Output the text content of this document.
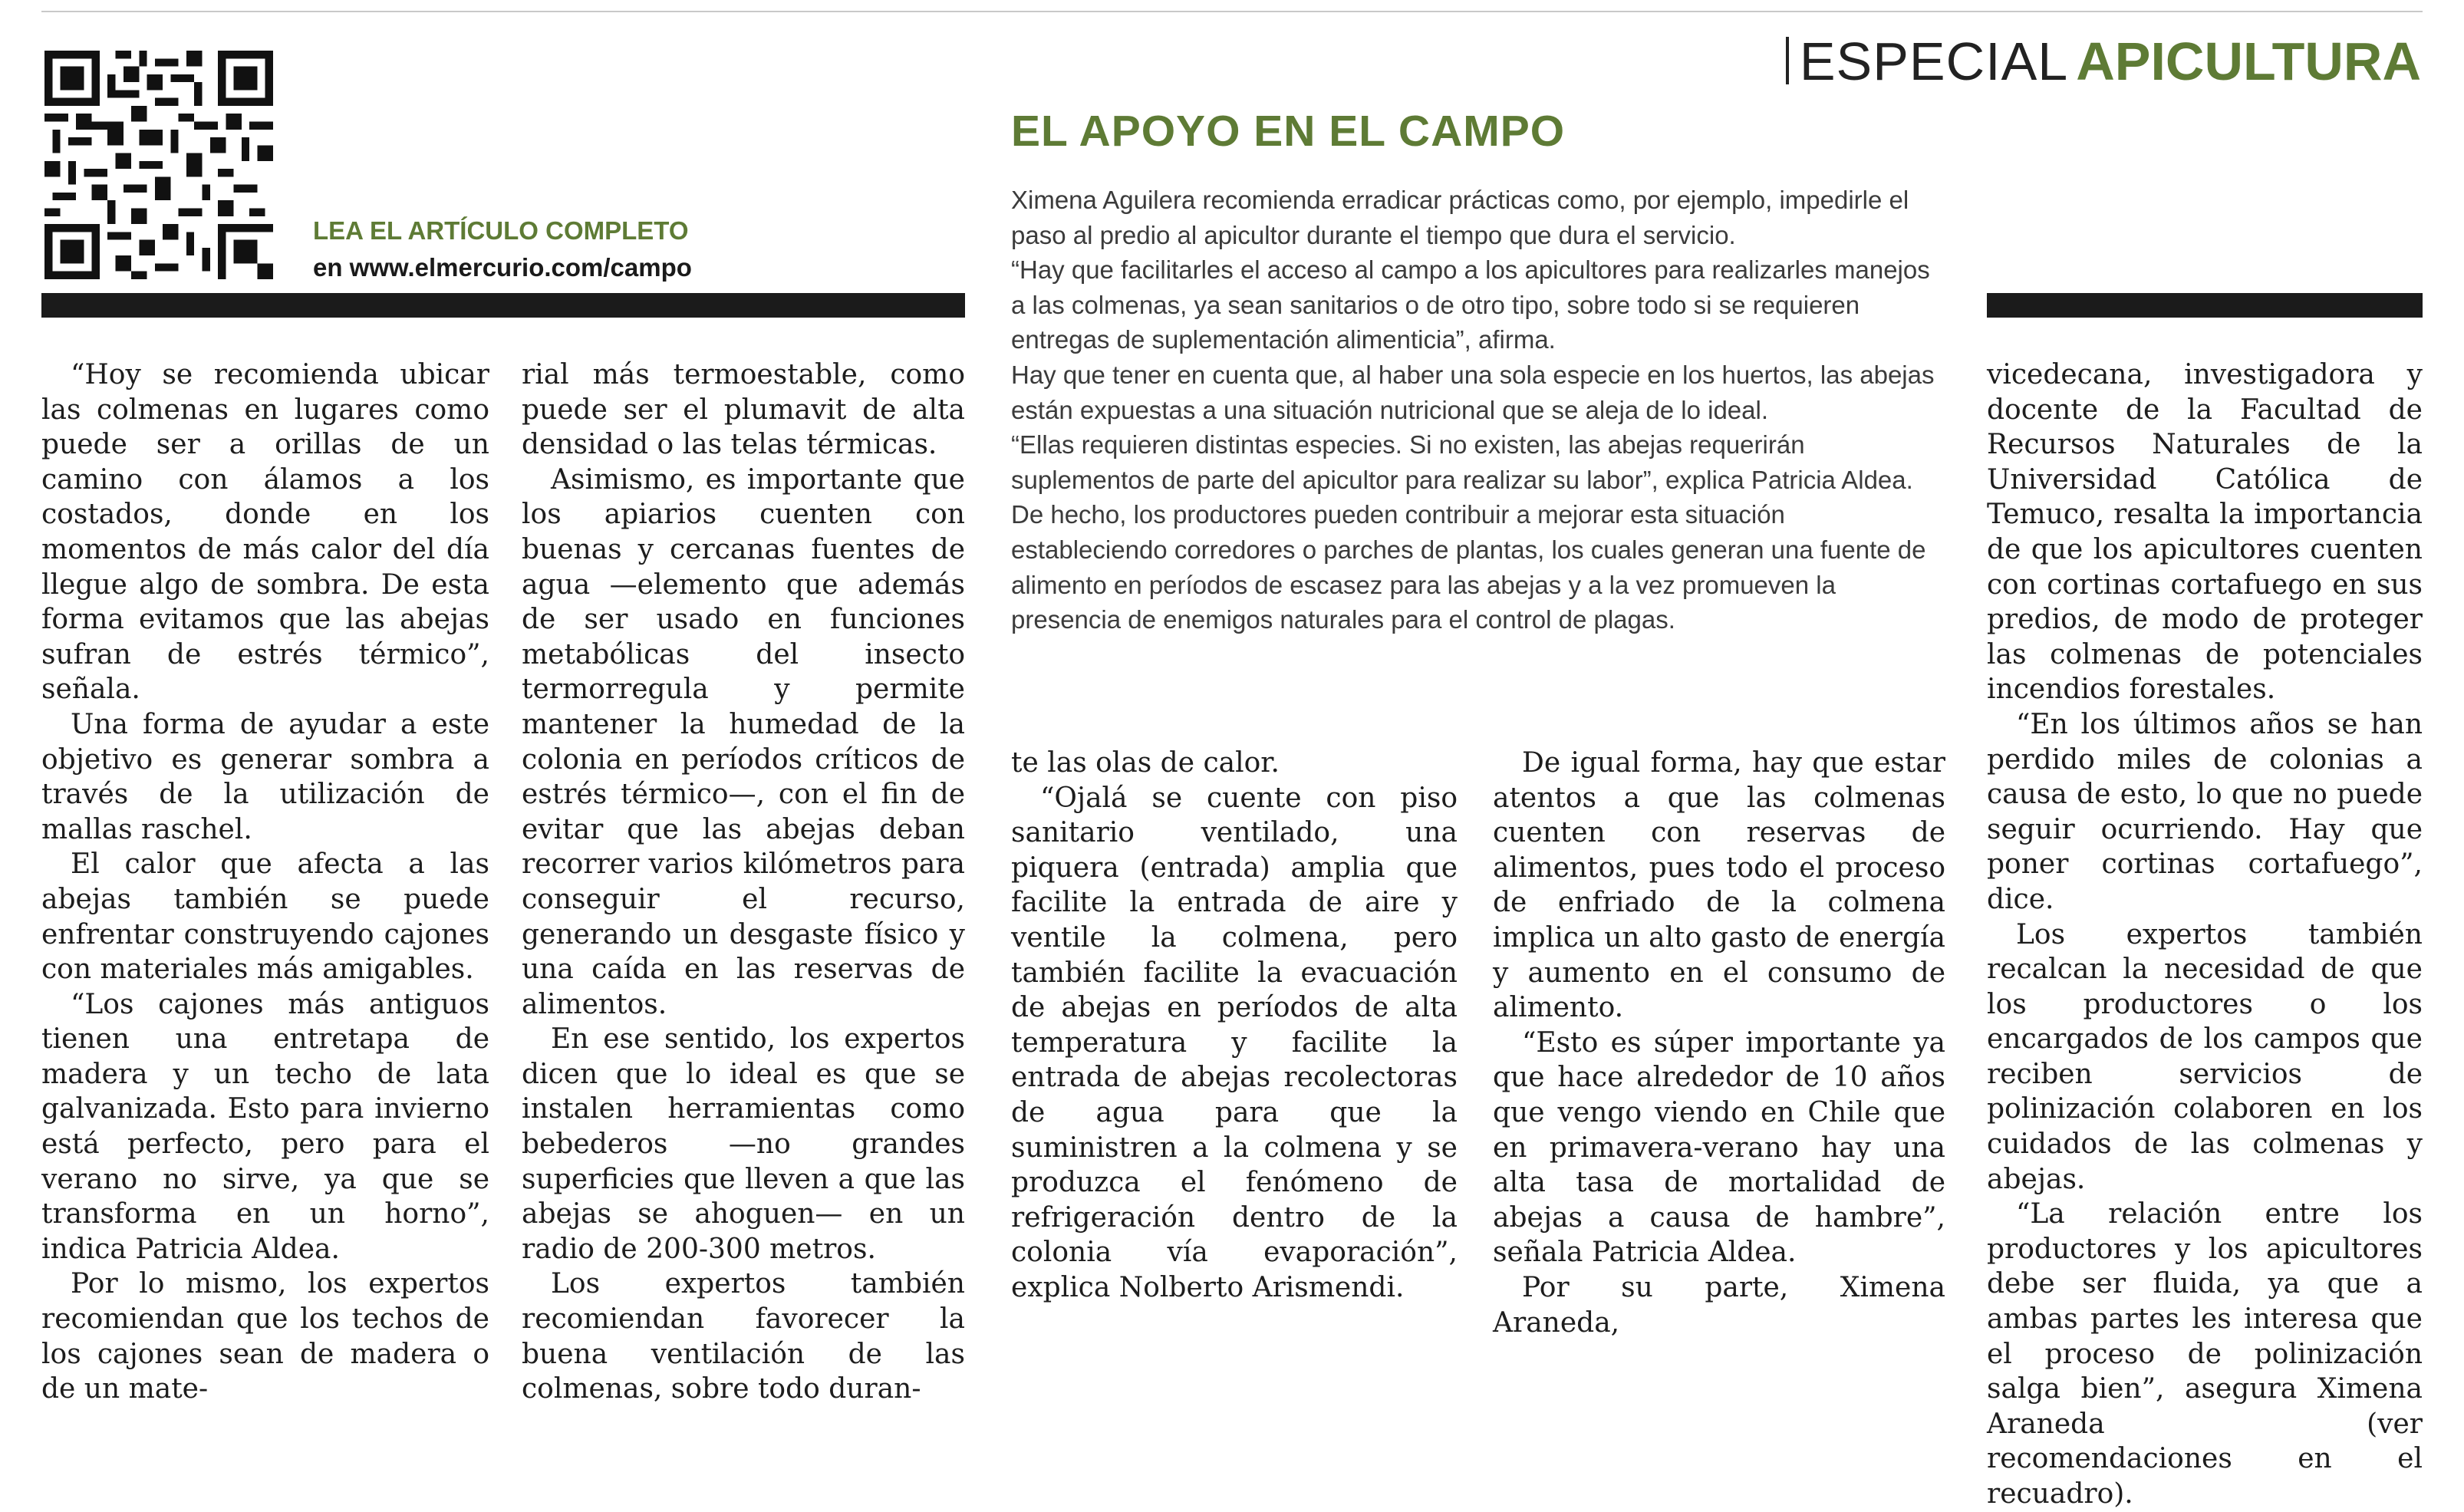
ESPECIAL APICULTURA
LEA EL ARTÍCULO COMPLETO
en www.elmercurio.com/campo
EL APOYO EN EL CAMPO

Ximena Aguilera recomienda erradicar prácticas como, por ejemplo, impedirle el paso al predio al apicultor durante el tiempo que dura el servicio.

“Hay que facilitarles el acceso al campo a los apicultores para realizarles manejos a las colmenas, ya sean sanitarios o de otro tipo, sobre todo si se requieren entregas de suplementación alimenticia”, afirma.

Hay que tener en cuenta que, al haber una sola especie en los huertos, las abejas están expuestas a una situación nutricional que se aleja de lo ideal.

“Ellas requieren distintas especies. Si no existen, las abejas requerirán suplementos de parte del apicultor para realizar su labor”, explica Patricia Aldea.

De hecho, los productores pueden contribuir a mejorar esta situación estableciendo corredores o parches de plantas, los cuales generan una fuente de alimento en períodos de escasez para las abejas y a la vez promueven la presencia de enemigos naturales para el control de plagas.

“Hoy se recomienda ubicar las colmenas en lugares como puede ser a orillas de un camino con álamos a los costados, donde en los momentos de más calor del día llegue algo de sombra. De esta forma evitamos que las abejas sufran de estrés térmico”, señala.

Una forma de ayudar a este objetivo es generar sombra a través de la utilización de mallas raschel.

El calor que afecta a las abejas también se puede enfrentar construyendo cajones con materiales más amigables.

“Los cajones más antiguos tienen una entretapa de madera y un techo de lata galvanizada. Esto para invierno está perfecto, pero para el verano no sirve, ya que se transforma en un horno”, indica Patricia Aldea.

Por lo mismo, los expertos recomiendan que los techos de los cajones sean de madera o de un mate-

rial más termoestable, como puede ser el plumavit de alta densidad o las telas térmicas.

Asimismo, es importante que los apiarios cuenten con buenas y cercanas fuentes de agua —elemento que además de ser usado en funciones metabólicas del insecto termorregula y permite mantener la humedad de la colonia en períodos críticos de estrés térmico—, con el fin de evitar que las abejas deban recorrer varios kilómetros para conseguir el recurso, generando un desgaste físico y una caída en las reservas de alimentos.

En ese sentido, los expertos dicen que lo ideal es que se instalen herramientas como bebederos —no grandes superficies que lleven a que las abejas se ahoguen— en un radio de 200-300 metros.

Los expertos también recomiendan favorecer la buena ventilación de las colmenas, sobre todo duran-

te las olas de calor.

“Ojalá se cuente con piso sanitario ventilado, una piquera (entrada) amplia que facilite la entrada de aire y ventile la colmena, pero también facilite la evacuación de abejas en períodos de alta temperatura y facilite la entrada de abejas recolectoras de agua para que la suministren a la colmena y se produzca el fenómeno de refrigeración dentro de la colonia vía evaporación”, explica Nolberto Arismendi.

De igual forma, hay que estar atentos a que las colmenas cuenten con reservas de alimentos, pues todo el proceso de enfriado de la colmena implica un alto gasto de energía y aumento en el consumo de alimento.

“Esto es súper importante ya que hace alrededor de 10 años que vengo viendo en Chile que en primavera-verano hay una alta tasa de mortalidad de abejas a causa de hambre”, señala Patricia Aldea.

Por su parte, Ximena Araneda,

vicedecana, investigadora y docente de la Facultad de Recursos Naturales de la Universidad Católica de Temuco, resalta la importancia de que los apicultores cuenten con cortinas cortafuego en sus predios, de modo de proteger las colmenas de potenciales incendios forestales.

“En los últimos años se han perdido miles de colonias a causa de esto, lo que no puede seguir ocurriendo. Hay que poner cortinas cortafuego”, dice.

Los expertos también recalcan la necesidad de que los productores o los encargados de los campos que reciben servicios de polinización colaboren en los cuidados de las colmenas y abejas.

“La relación entre los productores y los apicultores debe ser fluida, ya que a ambas partes les interesa que el proceso de polinización salga bien”, asegura Ximena Araneda (ver recomendaciones en el recuadro).
